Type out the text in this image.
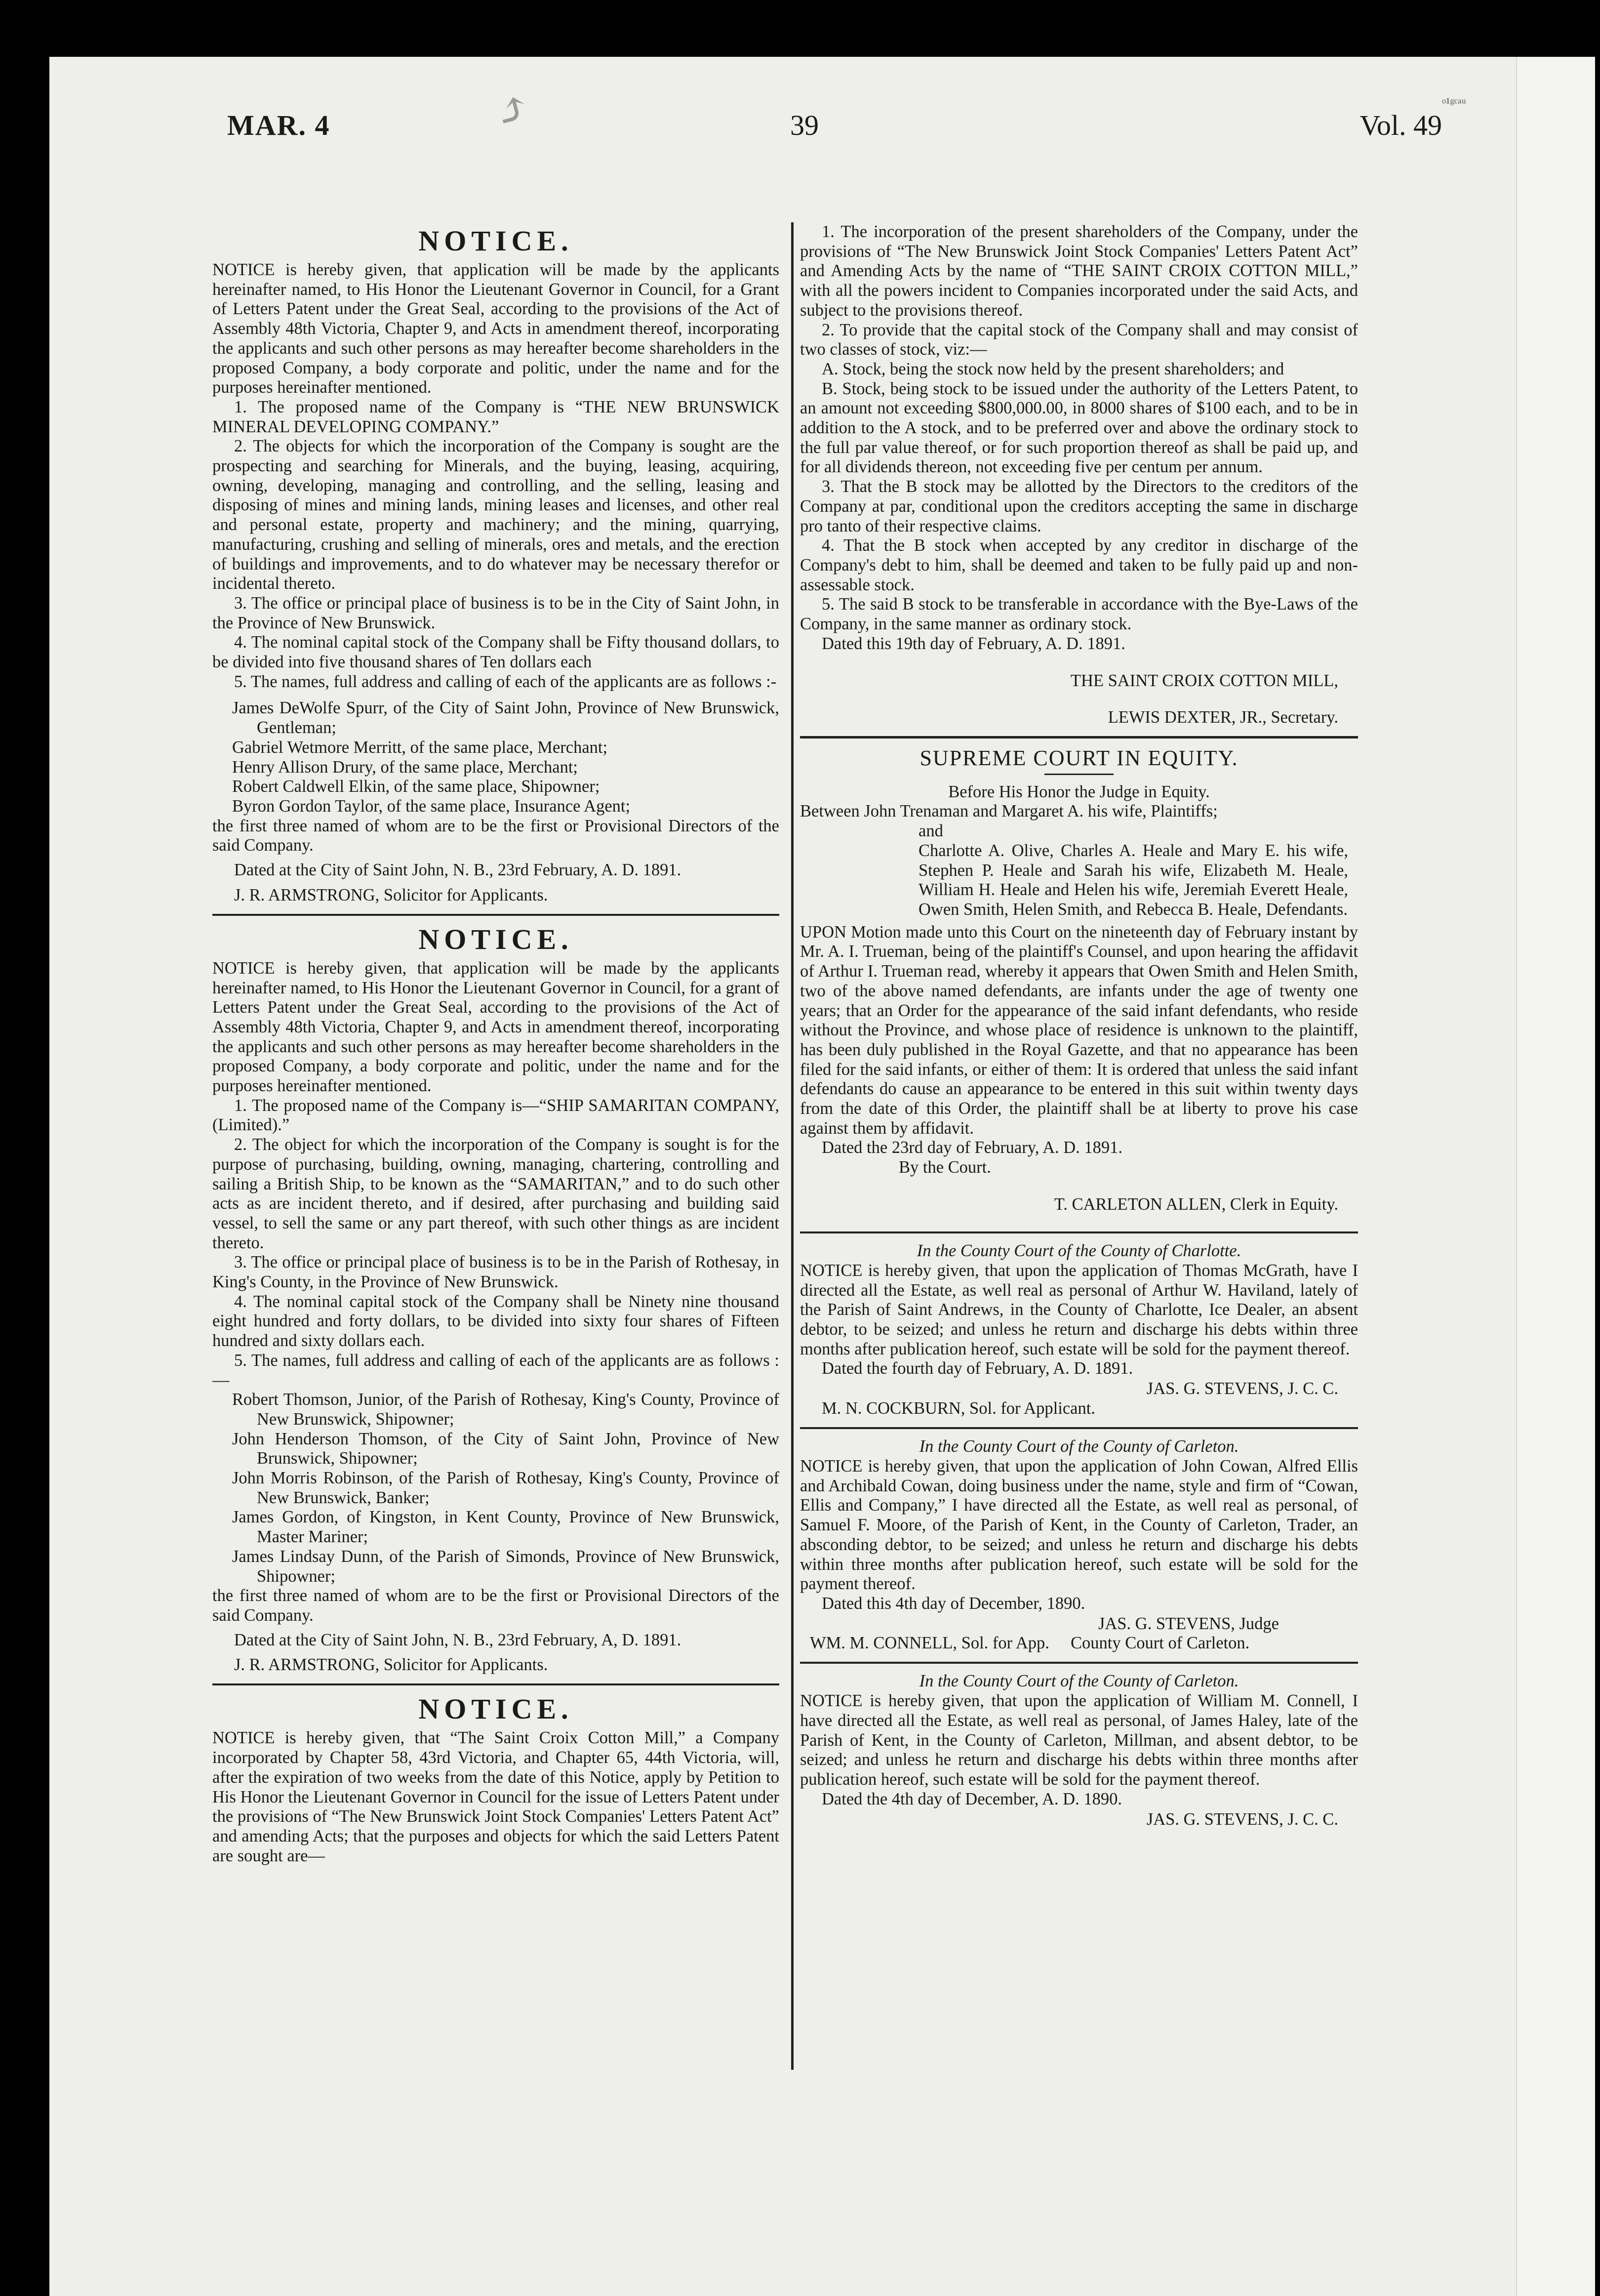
⤴	ᵒ¹ᵍᶜᵃᵘ
MAR. 4	39	Vol. 49
NOTICE.

NOTICE is hereby given, that application will be made by the applicants hereinafter named, to His Honor the Lieutenant Governor in Council, for a Grant of Letters Patent under the Great Seal, according to the provisions of the Act of Assembly 48th Victoria, Chapter 9, and Acts in amendment thereof, incorporating the applicants and such other persons as may hereafter become shareholders in the proposed Company, a body corporate and politic, under the name and for the purposes hereinafter mentioned.

1. The proposed name of the Company is “THE NEW BRUNSWICK MINERAL DEVELOPING COMPANY.”

2. The objects for which the incorporation of the Company is sought are the prospecting and searching for Minerals, and the buying, leasing, acquiring, owning, developing, managing and controlling, and the selling, leasing and disposing of mines and mining lands, mining leases and licenses, and other real and personal estate, property and machinery; and the mining, quarrying, manufacturing, crushing and selling of minerals, ores and metals, and the erection of buildings and improvements, and to do whatever may be necessary therefor or incidental thereto.

3. The office or principal place of business is to be in the City of Saint John, in the Province of New Brunswick.

4. The nominal capital stock of the Company shall be Fifty thousand dollars, to be divided into five thousand shares of Ten dollars each

5. The names, full address and calling of each of the applicants are as follows :-

James DeWolfe Spurr, of the City of Saint John, Province of New Brunswick, Gentleman;

Gabriel Wetmore Merritt, of the same place, Merchant;

Henry Allison Drury, of the same place, Merchant;

Robert Caldwell Elkin, of the same place, Shipowner;

Byron Gordon Taylor, of the same place, Insurance Agent;

the first three named of whom are to be the first or Provisional Directors of the said Company.

Dated at the City of Saint John, N. B., 23rd February, A. D. 1891.

J. R. ARMSTRONG, Solicitor for Applicants.

NOTICE.

NOTICE is hereby given, that application will be made by the applicants hereinafter named, to His Honor the Lieutenant Governor in Council, for a grant of Letters Patent under the Great Seal, according to the provisions of the Act of Assembly 48th Victoria, Chapter 9, and Acts in amendment thereof, incorporating the applicants and such other persons as may hereafter become shareholders in the proposed Company, a body corporate and politic, under the name and for the purposes hereinafter mentioned.

1. The proposed name of the Company is—“SHIP SAMARITAN COMPANY, (Limited).”

2. The object for which the incorporation of the Company is sought is for the purpose of purchasing, building, owning, managing, chartering, controlling and sailing a British Ship, to be known as the “SAMARITAN,” and to do such other acts as are incident thereto, and if desired, after purchasing and building said vessel, to sell the same or any part thereof, with such other things as are incident thereto.

3. The office or principal place of business is to be in the Parish of Rothesay, in King's County, in the Province of New Brunswick.

4. The nominal capital stock of the Company shall be Ninety nine thousand eight hundred and forty dollars, to be divided into sixty four shares of Fifteen hundred and sixty dollars each.

5. The names, full address and calling of each of the applicants are as follows :—

Robert Thomson, Junior, of the Parish of Rothesay, King's County, Province of New Brunswick, Shipowner;

John Henderson Thomson, of the City of Saint John, Province of New Brunswick, Shipowner;

John Morris Robinson, of the Parish of Rothesay, King's County, Province of New Brunswick, Banker;

James Gordon, of Kingston, in Kent County, Province of New Brunswick, Master Mariner;

James Lindsay Dunn, of the Parish of Simonds, Province of New Brunswick, Shipowner;

the first three named of whom are to be the first or Provisional Directors of the said Company.

Dated at the City of Saint John, N. B., 23rd February, A, D. 1891.

J. R. ARMSTRONG, Solicitor for Applicants.

NOTICE.

NOTICE is hereby given, that “The Saint Croix Cotton Mill,” a Company incorporated by Chapter 58, 43rd Victoria, and Chapter 65, 44th Victoria, will, after the expiration of two weeks from the date of this Notice, apply by Petition to His Honor the Lieutenant Governor in Council for the issue of Letters Patent under the provisions of “The New Brunswick Joint Stock Companies' Letters Patent Act” and amending Acts; that the purposes and objects for which the said Letters Patent are sought are—

1. The incorporation of the present shareholders of the Company, under the provisions of “The New Brunswick Joint Stock Companies' Letters Patent Act” and Amending Acts by the name of “THE SAINT CROIX COTTON MILL,” with all the powers incident to Companies incorporated under the said Acts, and subject to the provisions thereof.

2. To provide that the capital stock of the Company shall and may consist of two classes of stock, viz:—

A. Stock, being the stock now held by the present shareholders; and

B. Stock, being stock to be issued under the authority of the Letters Patent, to an amount not exceeding $800,000.00, in 8000 shares of $100 each, and to be in addition to the A stock, and to be preferred over and above the ordinary stock to the full par value thereof, or for such proportion thereof as shall be paid up, and for all dividends thereon, not exceeding five per centum per annum.

3. That the B stock may be allotted by the Directors to the creditors of the Company at par, conditional upon the creditors accepting the same in discharge pro tanto of their respective claims.

4. That the B stock when accepted by any creditor in discharge of the Company's debt to him, shall be deemed and taken to be fully paid up and non-assessable stock.

5. The said B stock to be transferable in accordance with the Bye-Laws of the Company, in the same manner as ordinary stock.

Dated this 19th day of February, A. D. 1891.

THE SAINT CROIX COTTON MILL,

LEWIS DEXTER, JR., Secretary.

SUPREME COURT IN EQUITY.

Before His Honor the Judge in Equity.

Between John Trenaman and Margaret A. his wife, Plaintiffs;

and

Charlotte A. Olive, Charles A. Heale and Mary E. his wife, Stephen P. Heale and Sarah his wife, Elizabeth M. Heale, William H. Heale and Helen his wife, Jeremiah Everett Heale, Owen Smith, Helen Smith, and Rebecca B. Heale, Defendants.

UPON Motion made unto this Court on the nineteenth day of February instant by Mr. A. I. Trueman, being of the plaintiff's Counsel, and upon hearing the affidavit of Arthur I. Trueman read, whereby it appears that Owen Smith and Helen Smith, two of the above named defendants, are infants under the age of twenty one years; that an Order for the appearance of the said infant defendants, who reside without the Province, and whose place of residence is unknown to the plaintiff, has been duly published in the Royal Gazette, and that no appearance has been filed for the said infants, or either of them: It is ordered that unless the said infant defendants do cause an appearance to be entered in this suit within twenty days from the date of this Order, the plaintiff shall be at liberty to prove his case against them by affidavit.

Dated the 23rd day of February, A. D. 1891.

By the Court.

T. CARLETON ALLEN, Clerk in Equity.

In the County Court of the County of Charlotte.

NOTICE is hereby given, that upon the application of Thomas McGrath, have I directed all the Estate, as well real as personal of Arthur W. Haviland, lately of the Parish of Saint Andrews, in the County of Charlotte, Ice Dealer, an absent debtor, to be seized; and unless he return and discharge his debts within three months after publication hereof, such estate will be sold for the payment thereof.

Dated the fourth day of February, A. D. 1891.

JAS. G. STEVENS, J. C. C.

M. N. COCKBURN, Sol. for Applicant.

In the County Court of the County of Carleton.

NOTICE is hereby given, that upon the application of John Cowan, Alfred Ellis and Archibald Cowan, doing business under the name, style and firm of “Cowan, Ellis and Company,” I have directed all the Estate, as well real as personal, of Samuel F. Moore, of the Parish of Kent, in the County of Carleton, Trader, an absconding debtor, to be seized; and unless he return and discharge his debts within three months after publication hereof, such estate will be sold for the payment thereof.

Dated this 4th day of December, 1890.

JAS. G. STEVENS, Judge

WM. M. CONNELL, Sol. for App.     County Court of Carleton.

In the County Court of the County of Carleton.

NOTICE is hereby given, that upon the application of William M. Connell, I have directed all the Estate, as well real as personal, of James Haley, late of the Parish of Kent, in the County of Carleton, Millman, and absent debtor, to be seized; and unless he return and discharge his debts within three months after publication hereof, such estate will be sold for the payment thereof.

Dated the 4th day of December, A. D. 1890.

JAS. G. STEVENS, J. C. C.
